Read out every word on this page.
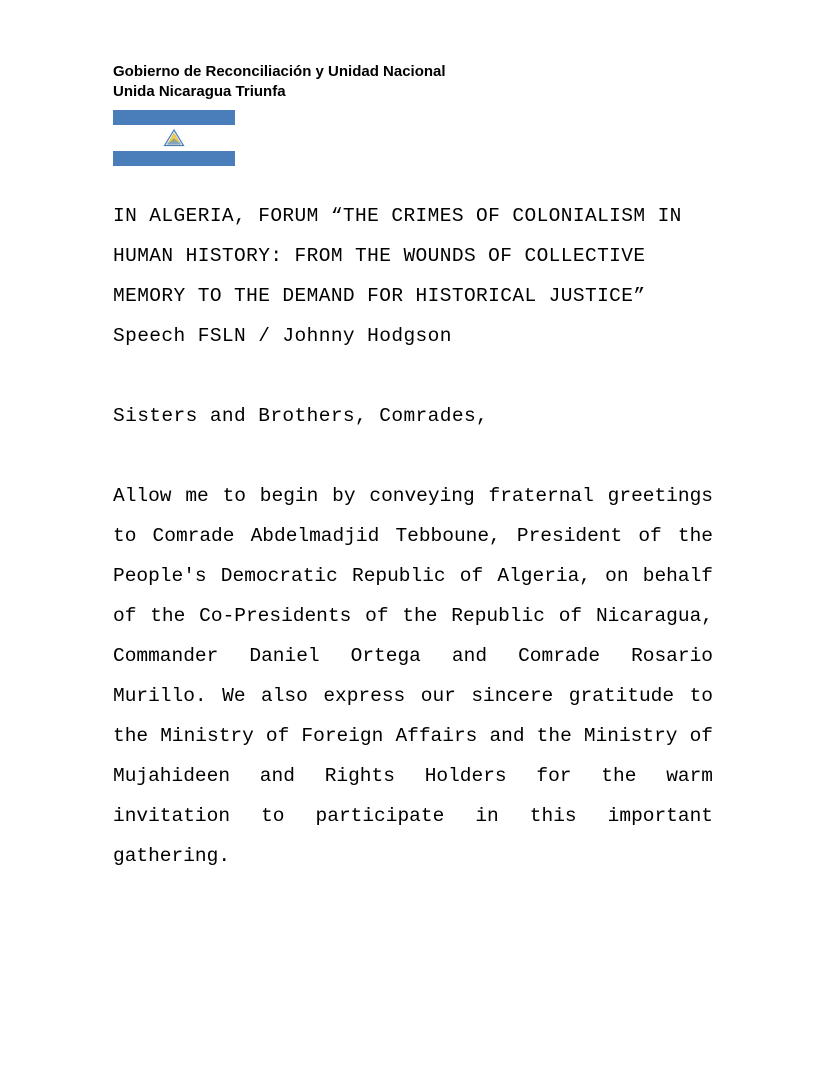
Gobierno de Reconciliación y Unidad Nacional
Unida Nicaragua Triunfa
IN ALGERIA, FORUM “THE CRIMES OF COLONIALISM IN HUMAN HISTORY: FROM THE WOUNDS OF COLLECTIVE MEMORY TO THE DEMAND FOR HISTORICAL JUSTICE”
Speech FSLN / Johnny Hodgson
Sisters and Brothers, Comrades,

Allow me to begin by conveying fraternal greetings to Comrade Abdelmadjid Tebboune, President of the People's Democratic Republic of Algeria, on behalf of the Co-Presidents of the Republic of Nicaragua, Commander Daniel Ortega and Comrade Rosario Murillo. We also express our sincere gratitude to the Ministry of Foreign Affairs and the Ministry of Mujahideen and Rights Holders for the warm invitation to participate in this important gathering.
